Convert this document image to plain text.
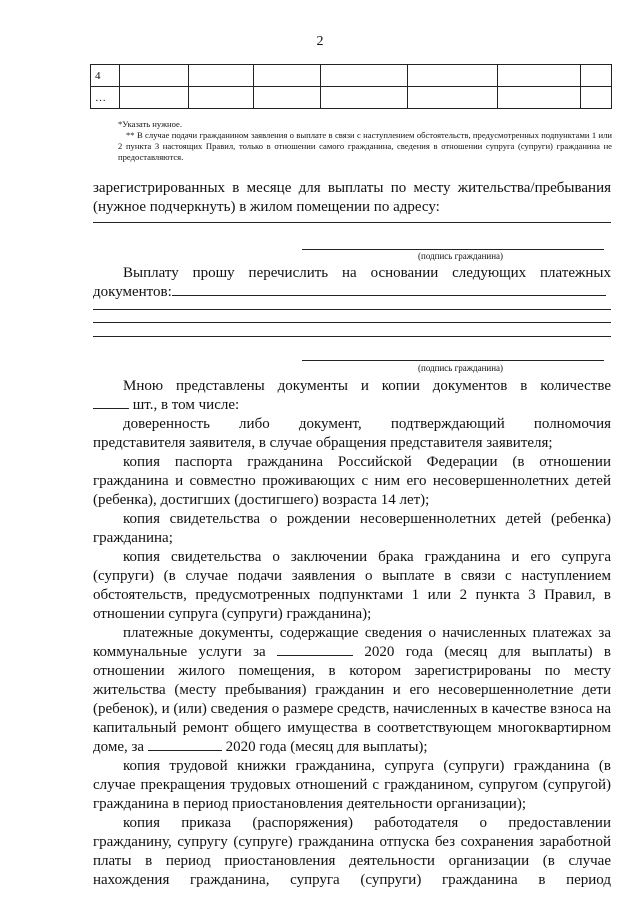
2
4							
…							

*Указать нужное.

** В случае подачи гражданином заявления о выплате в связи с наступлением обстоятельств, предусмотренных подпунктами 1 или 2 пункта 3 настоящих Правил, только в отношении самого гражданина, сведения в отношении супруга (супруги) гражданина не предоставляются.

зарегистрированных в месяце для выплаты по месту жительства/пребывания

(нужное подчеркнуть) в жилом помещении по адресу:

(подпись гражданина)

Выплату прошу перечислить на основании следующих платежных

документов:

(подпись гражданина)

Мною представлены документы и копии документов в количестве

шт., в том числе:

доверенность либо документ, подтверждающий полномочия

представителя заявителя, в случае обращения представителя заявителя;

копия паспорта гражданина Российской Федерации (в отношении

гражданина и совместно проживающих с ним его несовершеннолетних детей (ребенка), достигших (достигшего) возраста 14 лет);

копия свидетельства о рождении несовершеннолетних детей (ребенка)

гражданина;

копия свидетельства о заключении брака гражданина и его супруга

(супруги) (в случае подачи заявления о выплате в связи с наступлением обстоятельств, предусмотренных подпунктами 1 или 2 пункта 3 Правил, в отношении супруга (супруги) гражданина);

платежные документы, содержащие сведения о начисленных платежах за

коммунальные услуги за	2020 года (месяц для выплаты) в отношении жилого помещения, в котором зарегистрированы по месту жительства (месту пребывания) гражданин и его несовершеннолетние дети (ребенок), и (или) сведения о размере средств, начисленных в качестве взноса на капитальный ремонт общего имущества в соответствующем многоквартирном доме, за	2020 года (месяц для выплаты);

копия трудовой книжки гражданина, супруга (супруги) гражданина (в

случае прекращения трудовых отношений с гражданином, супругом (супругой) гражданина в период приостановления деятельности организации);

копия приказа (распоряжения) работодателя о предоставлении

гражданину, супругу (супруге) гражданина отпуска без сохранения заработной платы в период приостановления деятельности организации (в случае нахождения гражданина, супруга (супруги) гражданина в период
